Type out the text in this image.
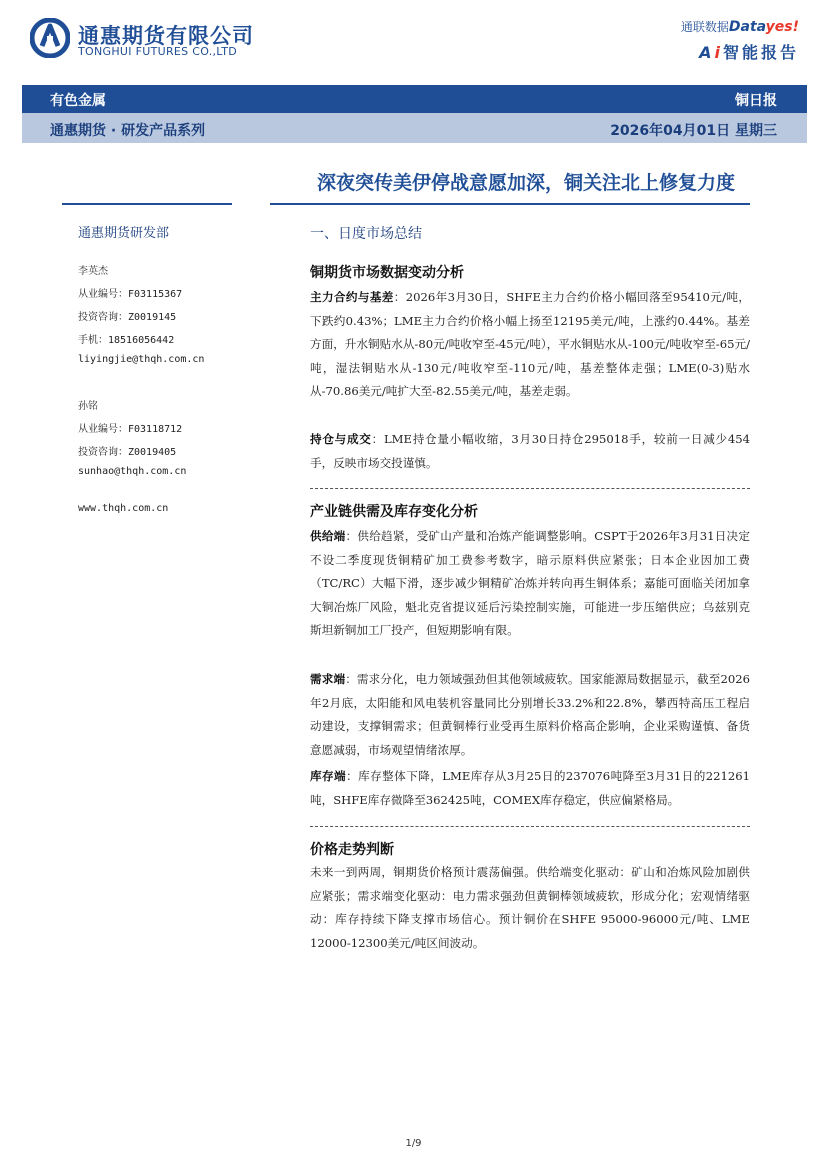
通惠期货有限公司
TONGHUI FUTURES CO.,LTD
通联数据Datayes!
Ai智能报告
有色金属	铜日报
通惠期货 · 研发产品系列	2026年04月01日 星期三
深夜突传美伊停战意愿加深，铜关注北上修复力度
通惠期货研发部
李英杰
从业编号：F03115367
投资咨询：Z0019145
手机：18516056442
liyingjie@thqh.com.cn
孙铭
从业编号：F03118712
投资咨询：Z0019405
sunhao@thqh.com.cn
www.thqh.com.cn
一、日度市场总结
铜期货市场数据变动分析
主力合约与基差：2026年3月30日，SHFE主力合约价格小幅回落至95410元/吨，下跌约0.43%；LME主力合约价格小幅上扬至12195美元/吨，上涨约0.44%。基差方面，升水铜贴水从-80元/吨收窄至-45元/吨），平水铜贴水从-100元/吨收窄至-65元/吨，湿法铜贴水从-130元/吨收窄至-110元/吨，基差整体走强；LME(0-3)贴水从-70.86美元/吨扩大至-82.55美元/吨，基差走弱。
持仓与成交：LME持仓量小幅收缩，3月30日持仓295018手，较前一日减少454手，反映市场交投谨慎。
产业链供需及库存变化分析
供给端：供给趋紧，受矿山产量和冶炼产能调整影响。CSPT于2026年3月31日决定不设二季度现货铜精矿加工费参考数字，暗示原料供应紧张；日本企业因加工费（TC/RC）大幅下滑，逐步减少铜精矿冶炼并转向再生铜体系；嘉能可面临关闭加拿大铜冶炼厂风险，魁北克省提议延后污染控制实施，可能进一步压缩供应；乌兹别克斯坦新铜加工厂投产，但短期影响有限。
需求端：需求分化，电力领域强劲但其他领域疲软。国家能源局数据显示，截至2026年2月底，太阳能和风电装机容量同比分别增长33.2%和22.8%，攀西特高压工程启动建设，支撑铜需求；但黄铜棒行业受再生原料价格高企影响，企业采购谨慎、备货意愿减弱，市场观望情绪浓厚。
库存端：库存整体下降，LME库存从3月25日的237076吨降至3月31日的221261吨，SHFE库存微降至362425吨，COMEX库存稳定，供应偏紧格局。
价格走势判断
未来一到两周，铜期货价格预计震荡偏强。供给端变化驱动：矿山和冶炼风险加剧供应紧张；需求端变化驱动：电力需求强劲但黄铜棒领域疲软，形成分化；宏观情绪驱动：库存持续下降支撑市场信心。预计铜价在SHFE 95000-96000元/吨、LME 12000-12300美元/吨区间波动。
1/9
